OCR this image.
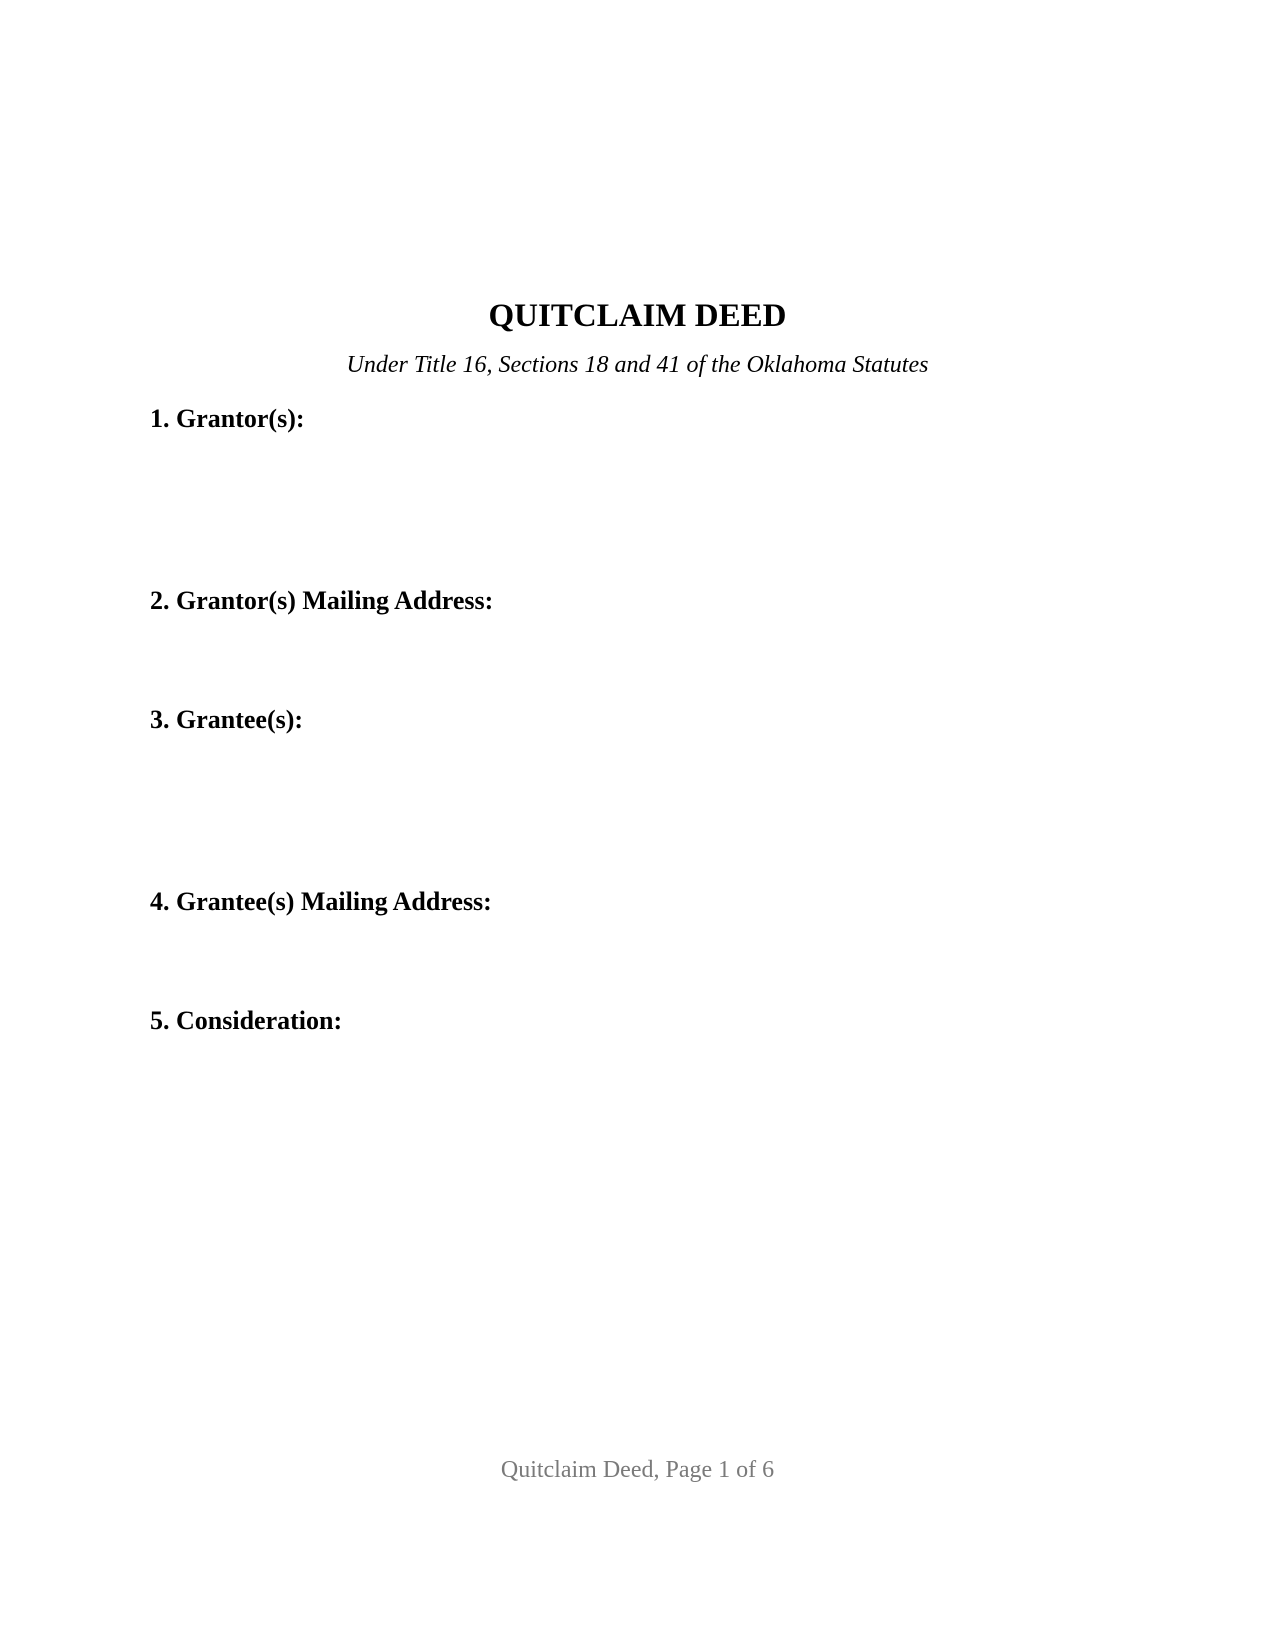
QUITCLAIM DEED

Under Title 16, Sections 18 and 41 of the Oklahoma Statutes

1. Grantor(s):

2. Grantor(s) Mailing Address:

3. Grantee(s):

4. Grantee(s) Mailing Address:

5. Consideration:

Quitclaim Deed, Page 1 of 6
